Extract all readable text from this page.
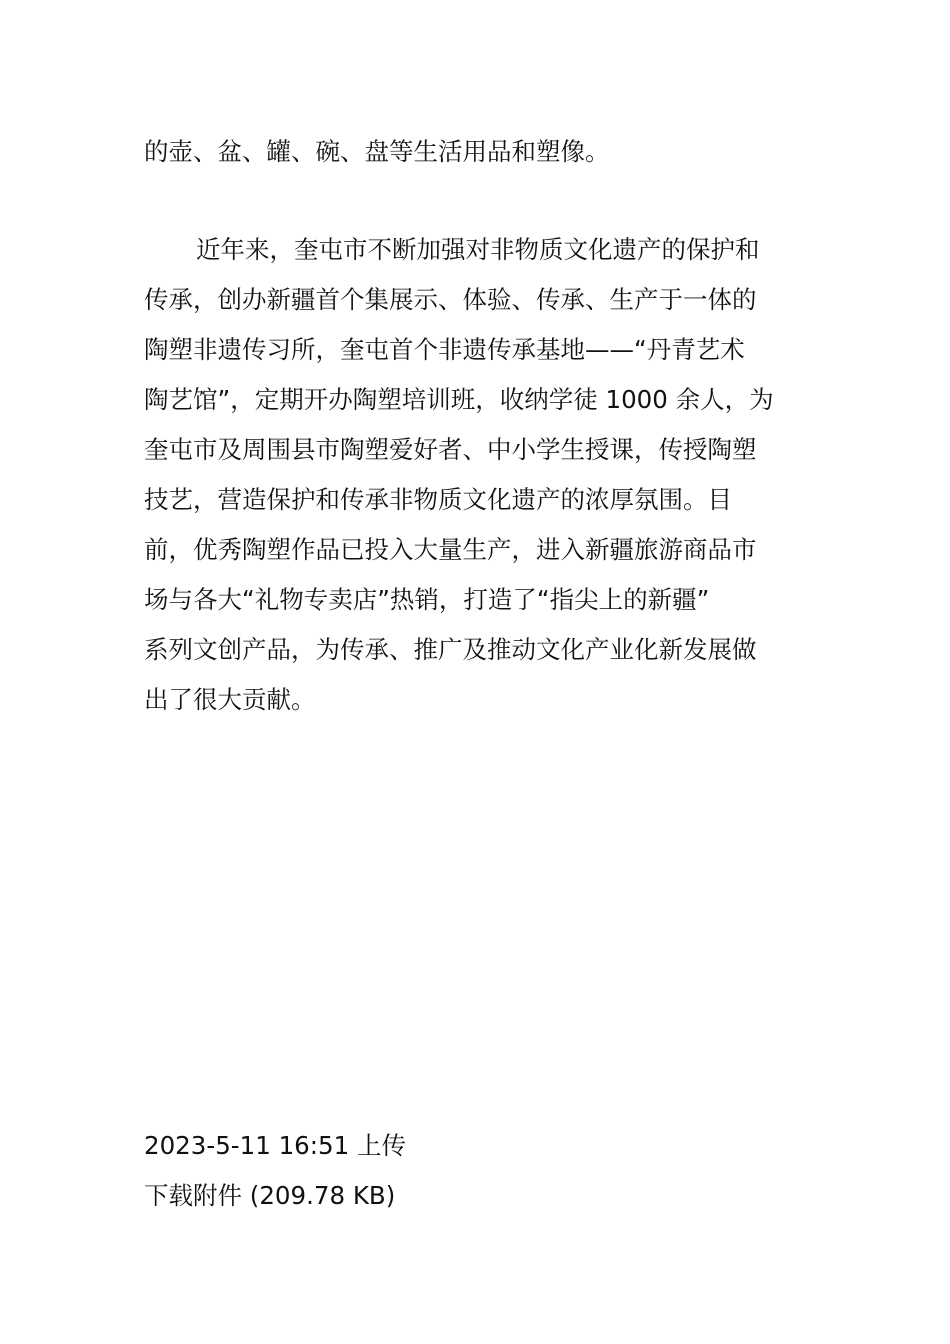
的壶、盆、罐、碗、盘等生活用品和塑像。

近年来，奎屯市不断加强对非物质文化遗产的保护和

传承，创办新疆首个集展示、体验、传承、生产于一体的

陶塑非遗传习所，奎屯首个非遗传承基地——“丹青艺术

陶艺馆”，定期开办陶塑培训班，收纳学徒 1000 余人，为

奎屯市及周围县市陶塑爱好者、中小学生授课，传授陶塑

技艺，营造保护和传承非物质文化遗产的浓厚氛围。目

前，优秀陶塑作品已投入大量生产，进入新疆旅游商品市

场与各大“礼物专卖店”热销，打造了“指尖上的新疆”

系列文创产品，为传承、推广及推动文化产业化新发展做

出了很大贡献。

2023-5-11 16:51 上传

下载附件 (209.78 KB)
